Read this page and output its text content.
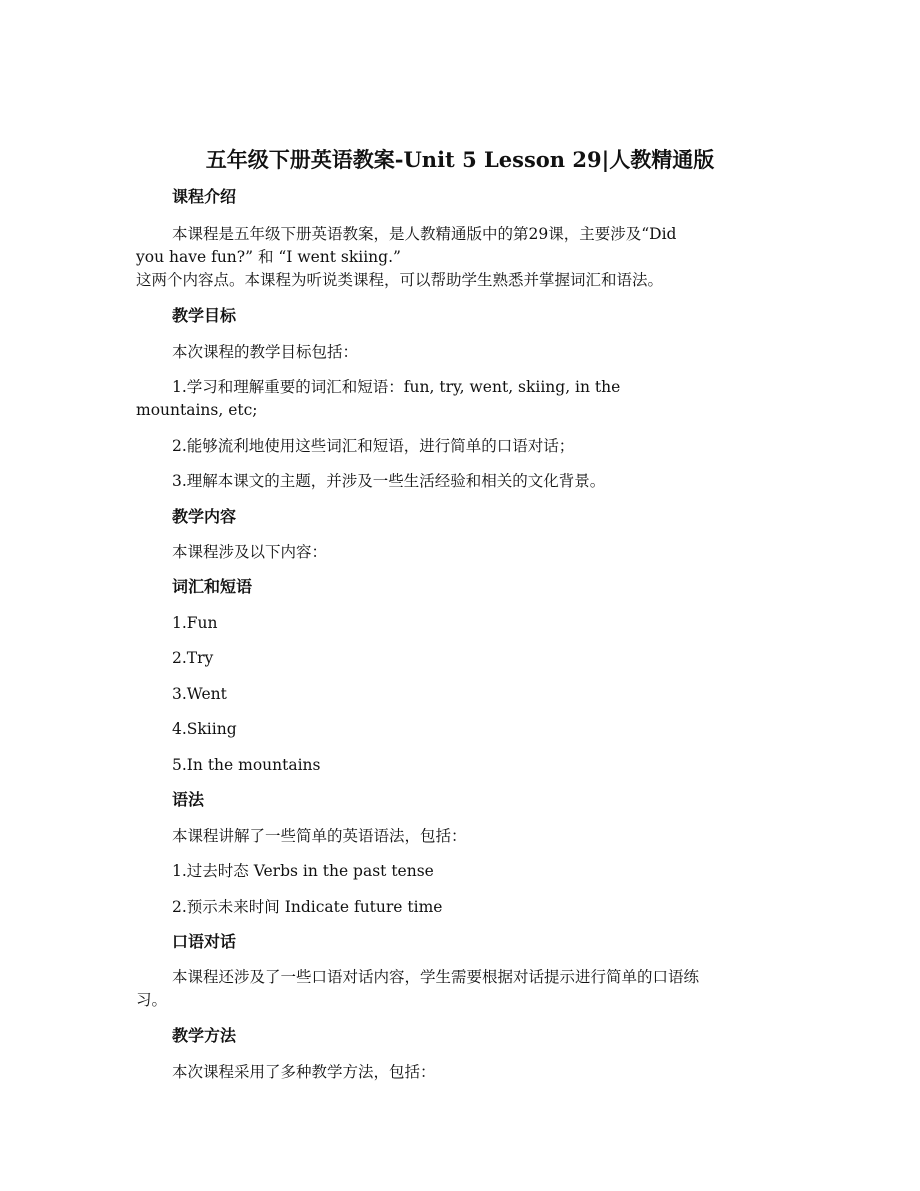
五年级下册英语教案-Unit 5 Lesson 29|人教精通版
课程介绍
本课程是五年级下册英语教案，是人教精通版中的第29课，主要涉及“Did
you have fun?” 和 “I went skiing.”
这两个内容点。本课程为听说类课程，可以帮助学生熟悉并掌握词汇和语法。
教学目标
本次课程的教学目标包括：
1.学习和理解重要的词汇和短语：fun, try, went, skiing, in the
mountains, etc;
2.能够流利地使用这些词汇和短语，进行简单的口语对话；
3.理解本课文的主题，并涉及一些生活经验和相关的文化背景。
教学内容
本课程涉及以下内容：
词汇和短语
1.Fun
2.Try
3.Went
4.Skiing
5.In the mountains
语法
本课程讲解了一些简单的英语语法，包括：
1.过去时态 Verbs in the past tense
2.预示未来时间 Indicate future time
口语对话
本课程还涉及了一些口语对话内容，学生需要根据对话提示进行简单的口语练
习。
教学方法
本次课程采用了多种教学方法，包括：
